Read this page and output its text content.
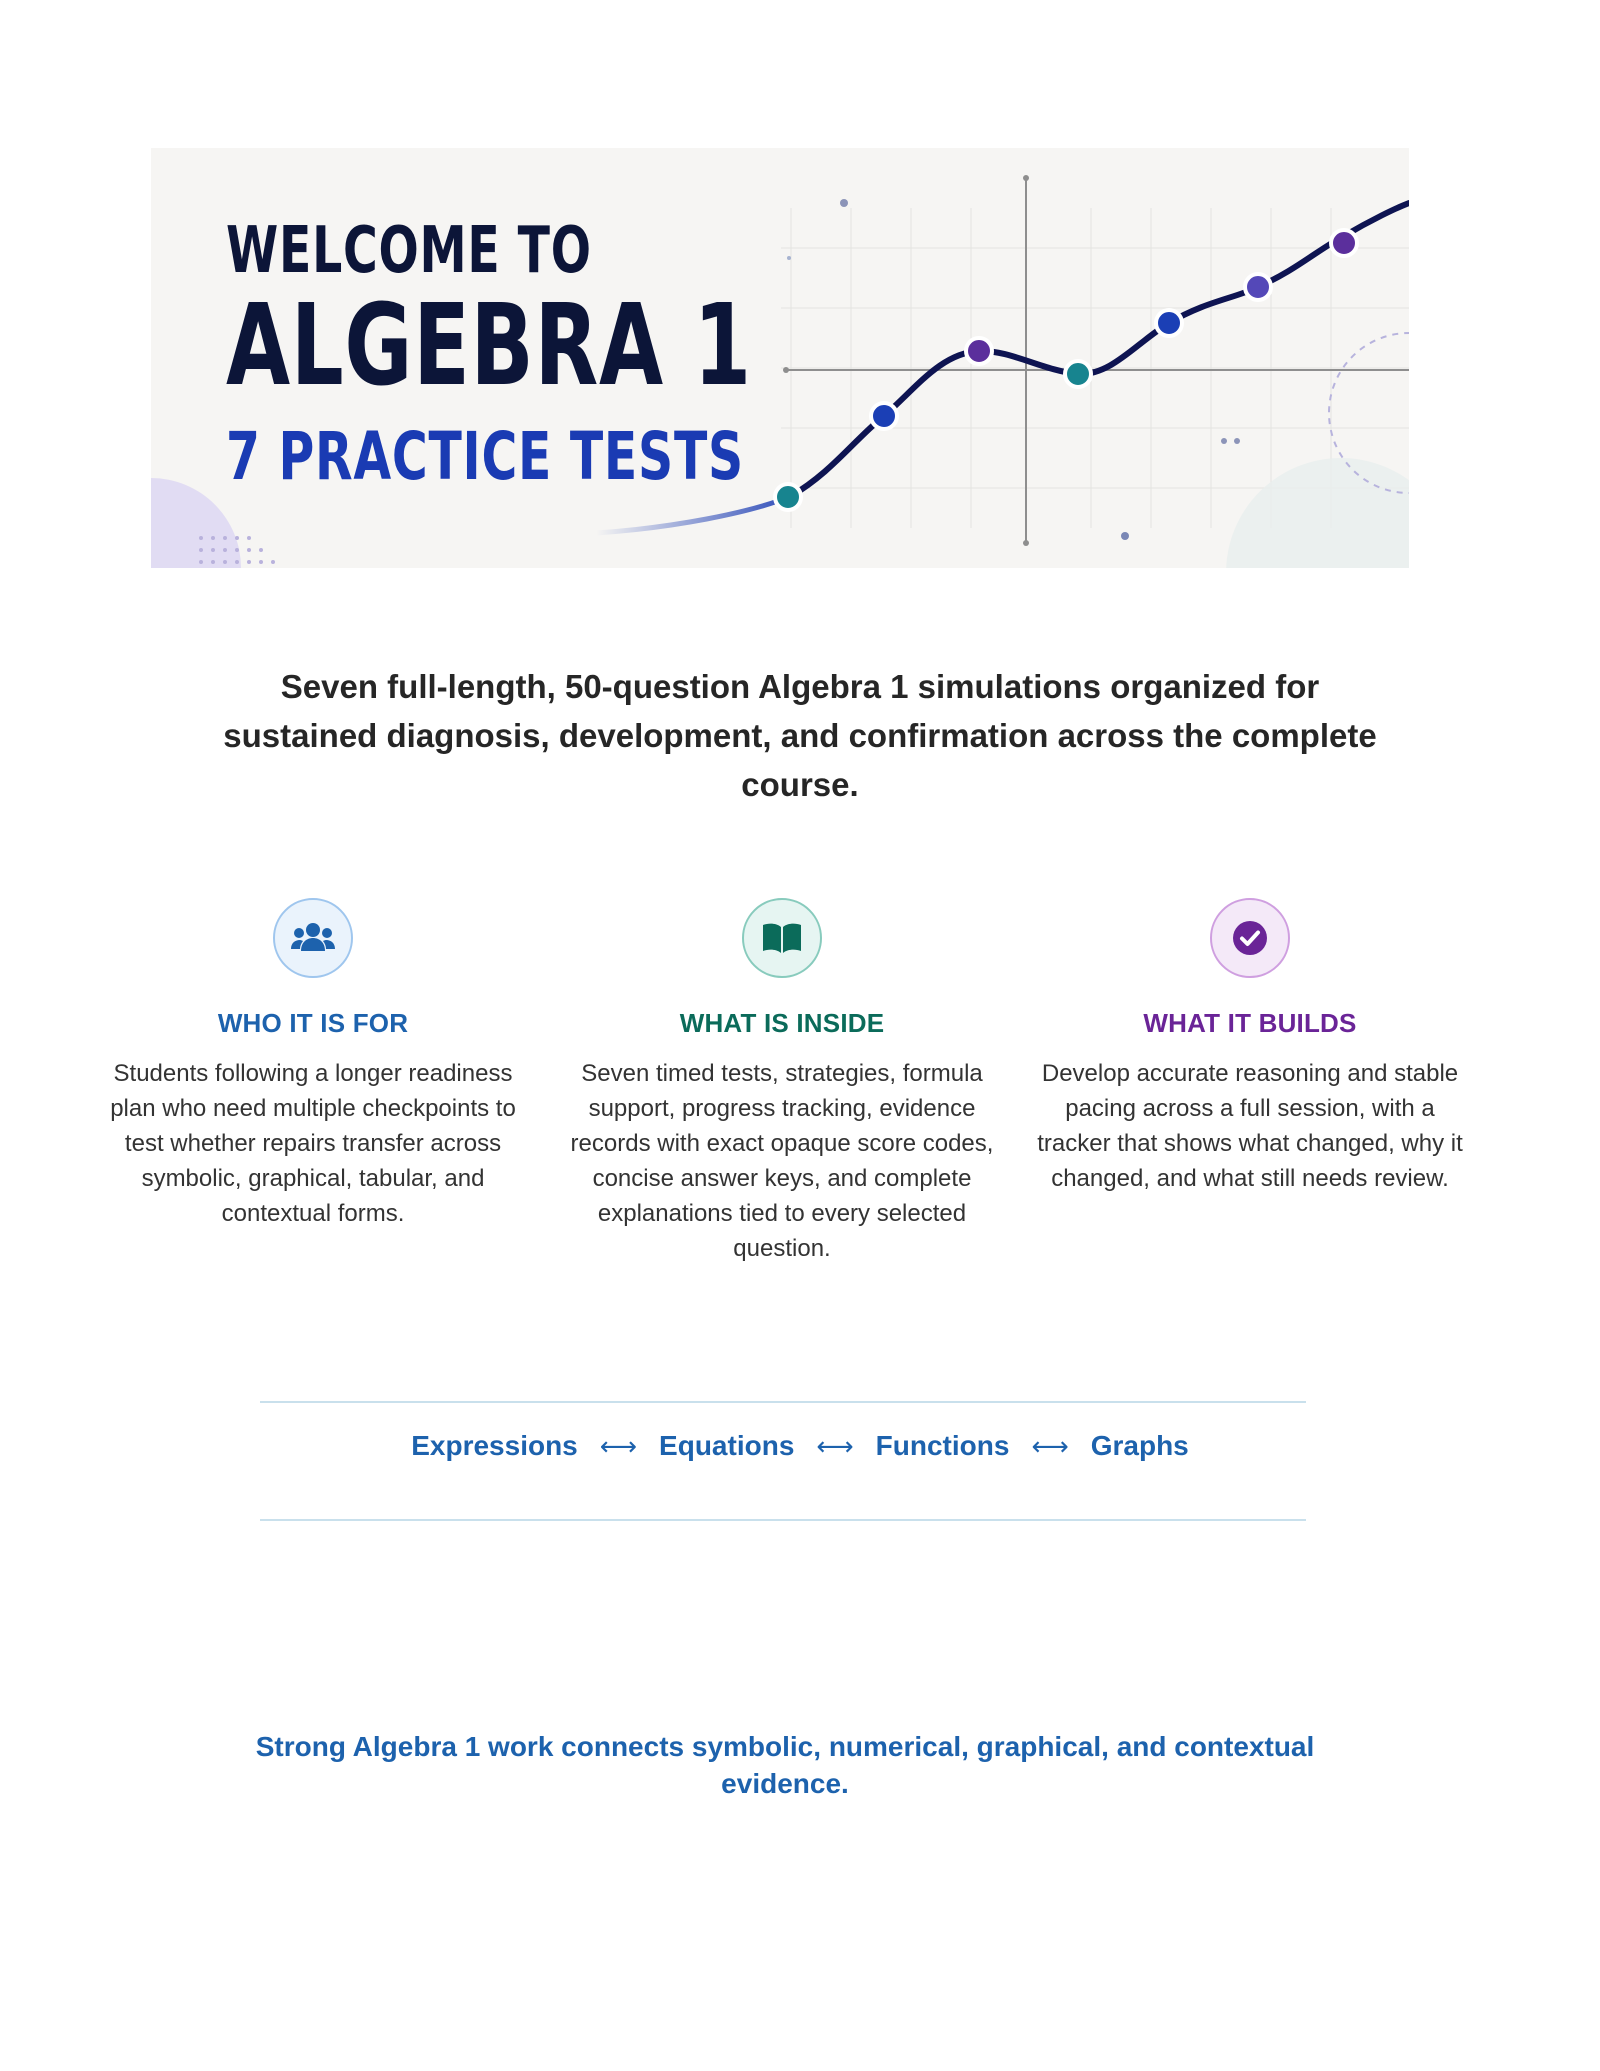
WELCOME TO

ALGEBRA 1

7 PRACTICE TESTS

Seven full-length, 50-question Algebra 1 simulations organized for sustained diagnosis, development, and confirmation across the complete course.

WHO IT IS FOR

Students following a longer readiness plan who need multiple checkpoints to test whether repairs transfer across symbolic, graphical, tabular, and contextual forms.

WHAT IS INSIDE

Seven timed tests, strategies, formula support, progress tracking, evidence records with exact opaque score codes, concise answer keys, and complete explanations tied to every selected question.

WHAT IT BUILDS

Develop accurate reasoning and stable pacing across a full session, with a tracker that shows what changed, why it changed, and what still needs review.

Expressions ⟷ Equations ⟷ Functions ⟷ Graphs

Strong Algebra 1 work connects symbolic, numerical, graphical, and contextual evidence.
